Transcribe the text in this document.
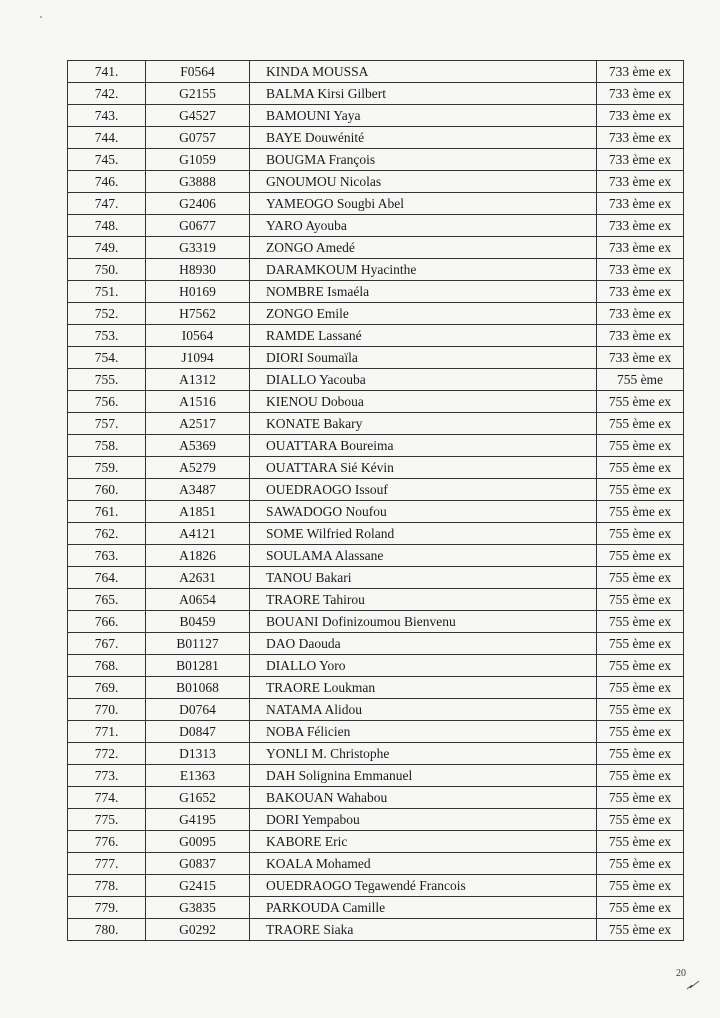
741.	F0564	KINDA MOUSSA	733 ème ex
742.	G2155	BALMA Kirsi Gilbert	733 ème ex
743.	G4527	BAMOUNI Yaya	733 ème ex
744.	G0757	BAYE Douwénité	733 ème ex
745.	G1059	BOUGMA François	733 ème ex
746.	G3888	GNOUMOU Nicolas	733 ème ex
747.	G2406	YAMEOGO Sougbi Abel	733 ème ex
748.	G0677	YARO Ayouba	733 ème ex
749.	G3319	ZONGO Amedé	733 ème ex
750.	H8930	DARAMKOUM Hyacinthe	733 ème ex
751.	H0169	NOMBRE Ismaéla	733 ème ex
752.	H7562	ZONGO Emile	733 ème ex
753.	I0564	RAMDE Lassané	733 ème ex
754.	J1094	DIORI Soumaïla	733 ème ex
755.	A1312	DIALLO Yacouba	755 ème
756.	A1516	KIENOU Doboua	755 ème ex
757.	A2517	KONATE Bakary	755 ème ex
758.	A5369	OUATTARA Boureima	755 ème ex
759.	A5279	OUATTARA Sié Kévin	755 ème ex
760.	A3487	OUEDRAOGO Issouf	755 ème ex
761.	A1851	SAWADOGO Noufou	755 ème ex
762.	A4121	SOME Wilfried Roland	755 ème ex
763.	A1826	SOULAMA Alassane	755 ème ex
764.	A2631	TANOU Bakari	755 ème ex
765.	A0654	TRAORE Tahirou	755 ème ex
766.	B0459	BOUANI Dofinizoumou Bienvenu	755 ème ex
767.	B01127	DAO Daouda	755 ème ex
768.	B01281	DIALLO Yoro	755 ème ex
769.	B01068	TRAORE Loukman	755 ème ex
770.	D0764	NATAMA Alidou	755 ème ex
771.	D0847	NOBA Félicien	755 ème ex
772.	D1313	YONLI M. Christophe	755 ème ex
773.	E1363	DAH Solignina Emmanuel	755 ème ex
774.	G1652	BAKOUAN Wahabou	755 ème ex
775.	G4195	DORI Yempabou	755 ème ex
776.	G0095	KABORE Eric	755 ème ex
777.	G0837	KOALA Mohamed	755 ème ex
778.	G2415	OUEDRAOGO Tegawendé Francois	755 ème ex
779.	G3835	PARKOUDA Camille	755 ème ex
780.	G0292	TRAORE Siaka	755 ème ex
20
